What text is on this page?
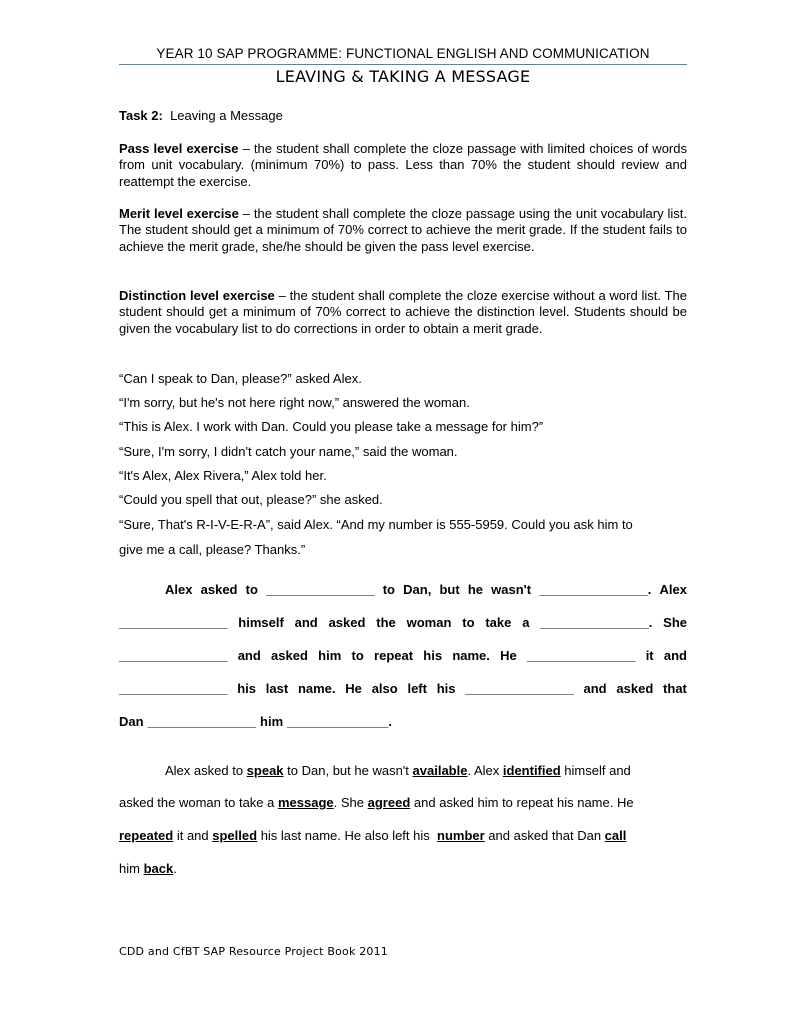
YEAR 10 SAP PROGRAMME: FUNCTIONAL ENGLISH AND COMMUNICATION
LEAVING & TAKING A MESSAGE
Task 2: Leaving a Message
Pass level exercise – the student shall complete the cloze passage with limited choices of words from unit vocabulary. (minimum 70%) to pass. Less than 70% the student should review and reattempt the exercise.
Merit level exercise – the student shall complete the cloze passage using the unit vocabulary list. The student should get a minimum of 70% correct to achieve the merit grade. If the student fails to achieve the merit grade, she/he should be given the pass level exercise.
Distinction level exercise – the student shall complete the cloze exercise without a word list. The student should get a minimum of 70% correct to achieve the distinction level. Students should be given the vocabulary list to do corrections in order to obtain a merit grade.
“Can I speak to Dan, please?” asked Alex.
“I'm sorry, but he's not here right now,” answered the woman.
“This is Alex. I work with Dan. Could you please take a message for him?”
“Sure, I'm sorry, I didn't catch your name,” said the woman.
“It's Alex, Alex Rivera,” Alex told her.
“Could you spell that out, please?” she asked.
“Sure, That's R-I-V-E-R-A”, said Alex. “And my number is 555-5959. Could you ask him to
give me a call, please? Thanks.”
Alex asked to _______________ to Dan, but he wasn't _______________. Alex
_______________ himself and asked the woman to take a _______________. She
_______________ and asked him to repeat his name. He _______________ it and
_______________ his last name. He also left his _______________ and asked that
Dan _______________ him ______________.
Alex asked to speak to Dan, but he wasn't available. Alex identified himself and
asked the woman to take a message. She agreed and asked him to repeat his name. He
repeated it and spelled his last name. He also left his number and asked that Dan call
him back.
CDD and CfBT SAP Resource Project Book 2011
